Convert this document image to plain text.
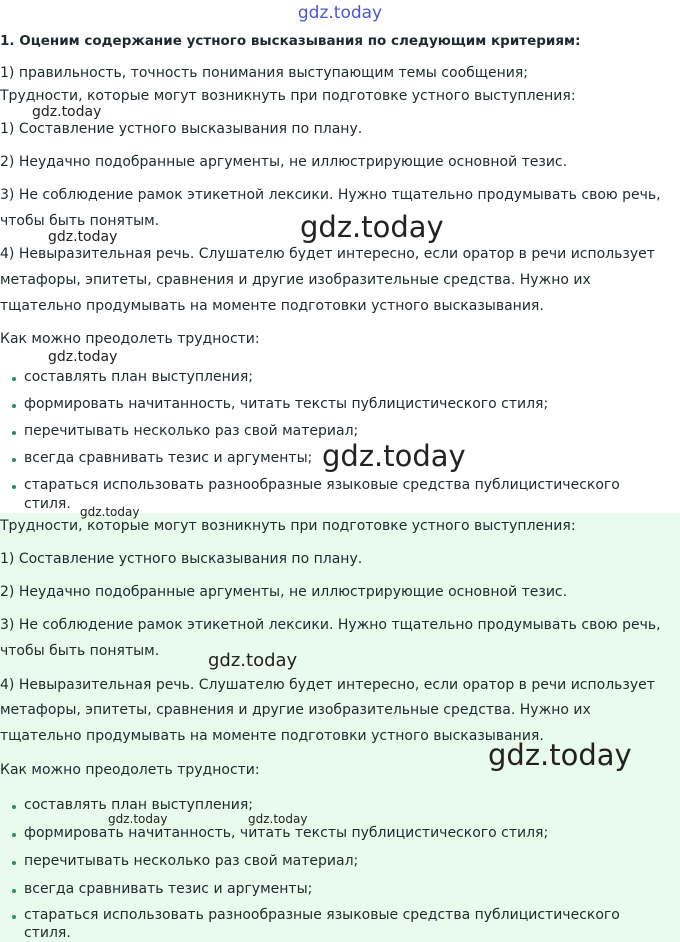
gdz.today
1. Оценим содержание устного высказывания по следующим критериям:
1) правильность, точность понимания выступающим темы сообщения;
Трудности, которые могут возникнуть при подготовке устного выступления:
1) Составление устного высказывания по плану.
2) Неудачно подобранные аргументы, не иллюстрирующие основной тезис.
3) Не соблюдение рамок этикетной лексики. Нужно тщательно продумывать свою речь,
чтобы быть понятым.
4) Невыразительная речь. Слушателю будет интересно, если оратор в речи использует
метафоры, эпитеты, сравнения и другие изобразительные средства. Нужно их
тщательно продумывать на моменте подготовки устного высказывания.
Как можно преодолеть трудности:
составлять план выступления;
формировать начитанность, читать тексты публицистического стиля;
перечитывать несколько раз свой материал;
всегда сравнивать тезис и аргументы;
стараться использовать разнообразные языковые средства публицистического
стиля.
Трудности, которые могут возникнуть при подготовке устного выступления:
1) Составление устного высказывания по плану.
2) Неудачно подобранные аргументы, не иллюстрирующие основной тезис.
3) Не соблюдение рамок этикетной лексики. Нужно тщательно продумывать свою речь,
чтобы быть понятым.
4) Невыразительная речь. Слушателю будет интересно, если оратор в речи использует
метафоры, эпитеты, сравнения и другие изобразительные средства. Нужно их
тщательно продумывать на моменте подготовки устного высказывания.
Как можно преодолеть трудности:
составлять план выступления;
формировать начитанность, читать тексты публицистического стиля;
перечитывать несколько раз свой материал;
всегда сравнивать тезис и аргументы;
стараться использовать разнообразные языковые средства публицистического
стиля.
gdz.today
gdz.today
gdz.today
gdz.today
gdz.today
gdz.today
gdz.today
gdz.today
gdz.today	gdz.today
